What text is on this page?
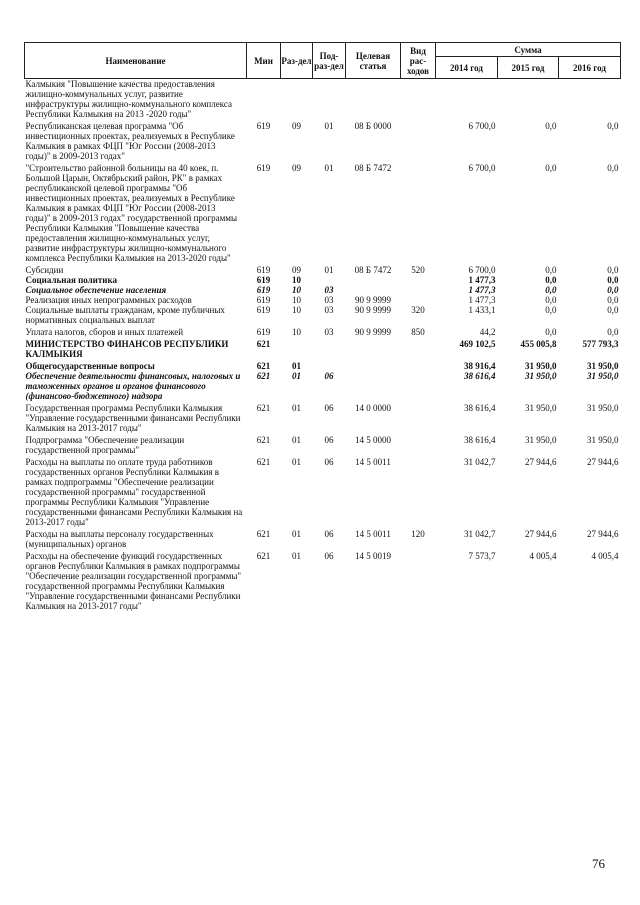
Наименование	Мин	Раз-дел	Под-раз-дел	Целевая статья	Вид рас-ходов	Сумма		
						2014 год	2015 год	2016 год
Калмыкия "Повышение качества предоставления жилищно-коммунальных услуг, развитие инфраструктуры жилищно-коммунального комплекса Республики Калмыкия на 2013 -2020 годы"								
Республиканская целевая программа "Об инвестиционных проектах, реализуемых в Республике Калмыкия в рамках ФЦП "Юг России (2008-2013 годы)" в 2009-2013 годах"	619	09	01	08 Б 0000		6 700,0	0,0	0,0
"Строительство районной больницы на 40 коек, п. Большой Царын, Октябрьский район, РК" в рамках республиканской целевой программы "Об инвестиционных проектах, реализуемых в Республике Калмыкия в рамках ФЦП "Юг России (2008-2013 годы)" в 2009-2013 годах" государственной программы Республики Калмыкия "Повышение качества предоставления жилищно-коммунальных услуг, развитие инфраструктуры жилищно-коммунального комплекса Республики Калмыкия на 2013-2020 годы"	619	09	01	08 Б 7472		6 700,0	0,0	0,0
Субсидии	619	09	01	08 Б 7472	520	6 700,0	0,0	0,0
Социальная политика	619	10				1 477,3	0,0	0,0
Социальное обеспечение населения	619	10	03			1 477,3	0,0	0,0
Реализация иных непрограммных расходов	619	10	03	90 9 9999		1 477,3	0,0	0,0
Социальные выплаты гражданам, кроме публичных нормативных социальных выплат	619	10	03	90 9 9999	320	1 433,1	0,0	0,0
Уплата налогов, сборов и иных платежей	619	10	03	90 9 9999	850	44,2	0,0	0,0
МИНИСТЕРСТВО ФИНАНСОВ РЕСПУБЛИКИ КАЛМЫКИЯ	621					469 102,5	455 005,8	577 793,3
Общегосударственные вопросы	621	01				38 916,4	31 950,0	31 950,0
Обеспечение деятельности финансовых, налоговых и таможенных органов и органов финансового (финансово-бюджетного) надзора	621	01	06			38 616,4	31 950,0	31 950,0
Государственная программа Республики Калмыкия "Управление государственными финансами Республики Калмыкия на 2013-2017 годы"	621	01	06	14 0 0000		38 616,4	31 950,0	31 950,0
Подпрограмма "Обеспечение реализации государственной программы"	621	01	06	14 5 0000		38 616,4	31 950,0	31 950,0
Расходы на выплаты по оплате труда работников государственных органов Республики Калмыкия в рамках подпрограммы "Обеспечение реализации государственной программы" государственной программы Республики Калмыкия "Управление государственными финансами Республики Калмыкия на 2013-2017 годы"	621	01	06	14 5 0011		31 042,7	27 944,6	27 944,6
Расходы на выплаты персоналу государственных (муниципальных) органов	621	01	06	14 5 0011	120	31 042,7	27 944,6	27 944,6
Расходы на обеспечение функций государственных органов Республики Калмыкия в рамках подпрограммы "Обеспечение реализации государственной программы" государственной программы Республики Калмыкия "Управление государственными финансами Республики Калмыкия на 2013-2017 годы"	621	01	06	14 5 0019		7 573,7	4 005,4	4 005,4
76
